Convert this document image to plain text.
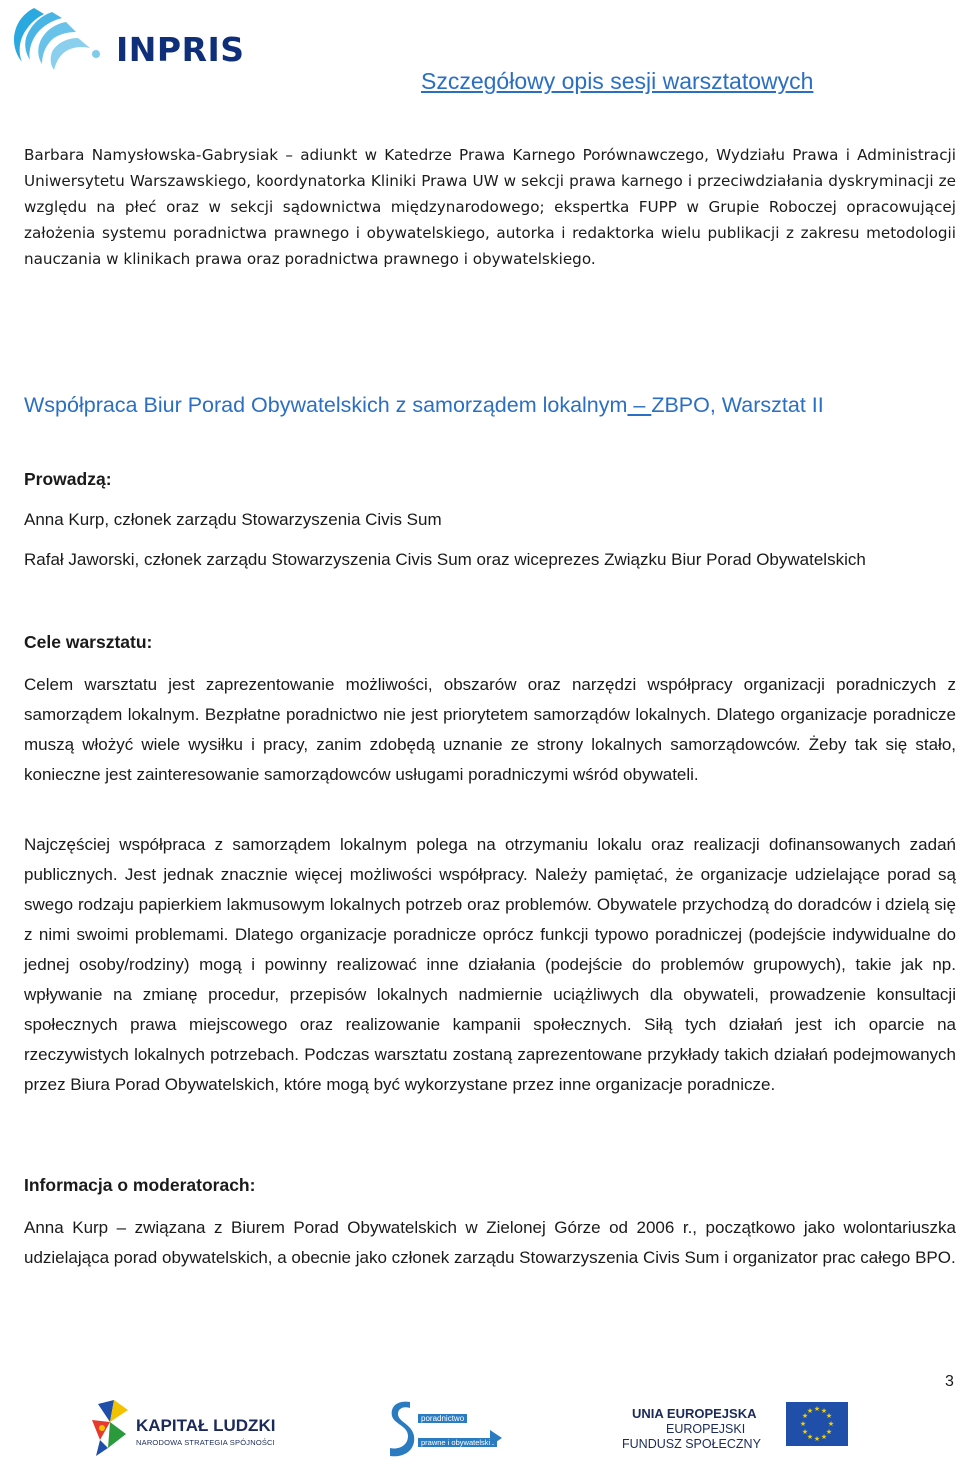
INPRIS
Szczegółowy opis sesji warsztatowych

Barbara Namysłowska-Gabrysiak – adiunkt w Katedrze Prawa Karnego Porównawczego, Wydziału Prawa i Administracji Uniwersytetu Warszawskiego, koordynatorka Kliniki Prawa UW w sekcji prawa karnego i przeciwdziałania dyskryminacji ze względu na płeć oraz w sekcji sądownictwa międzynarodowego; ekspertka FUPP w Grupie Roboczej opracowującej założenia systemu poradnictwa prawnego i obywatelskiego, autorka i redaktorka wielu publikacji z zakresu metodologii nauczania w klinikach prawa oraz poradnictwa prawnego i obywatelskiego.

Współpraca Biur Porad Obywatelskich z samorządem lokalnym – ZBPO, Warsztat II
Prowadzą:
Anna Kurp, członek zarządu Stowarzyszenia Civis Sum
Rafał Jaworski, członek zarządu Stowarzyszenia Civis Sum oraz wiceprezes Związku Biur Porad Obywatelskich
Cele warsztatu:

Celem warsztatu jest zaprezentowanie możliwości, obszarów oraz narzędzi współpracy organizacji poradniczych z samorządem lokalnym. Bezpłatne poradnictwo nie jest priorytetem samorządów lokalnych. Dlatego organizacje poradnicze muszą włożyć wiele wysiłku i pracy, zanim zdobędą uznanie ze strony lokalnych samorządowców. Żeby tak się stało, konieczne jest zainteresowanie samorządowców usługami poradniczymi wśród obywateli.

Najczęściej współpraca z samorządem lokalnym polega na otrzymaniu lokalu oraz realizacji dofinansowanych zadań publicznych. Jest jednak znacznie więcej możliwości współpracy. Należy pamiętać, że organizacje udzielające porad są swego rodzaju papierkiem lakmusowym lokalnych potrzeb oraz problemów. Obywatele przychodzą do doradców i dzielą się z nimi swoimi problemami. Dlatego organizacje poradnicze oprócz funkcji typowo poradniczej (podejście indywidualne do jednej osoby/rodziny) mogą i powinny realizować inne działania (podejście do problemów grupowych), takie jak np. wpływanie na zmianę procedur, przepisów lokalnych nadmiernie uciążliwych dla obywateli, prowadzenie konsultacji społecznych prawa miejscowego oraz realizowanie kampanii społecznych. Siłą tych działań jest ich oparcie na rzeczywistych lokalnych potrzebach. Podczas warsztatu zostaną zaprezentowane przykłady takich działań podejmowanych przez Biura Porad Obywatelskich, które mogą być wykorzystane przez inne organizacje poradnicze.

Informacja o moderatorach:

Anna Kurp – związana z Biurem Porad Obywatelskich w Zielonej Górze od 2006 r., początkowo jako wolontariuszka udzielająca porad obywatelskich, a obecnie jako członek zarządu Stowarzyszenia Civis Sum i organizator prac całego BPO.

3
KAPITAŁ LUDZKI
NARODOWA STRATEGIA SPÓJNOŚCI
poradnictwo
prawne i obywatelskie
UNIA EUROPEJSKA
EUROPEJSKI
FUNDUSZ SPOŁECZNY
★ ★
★
★
★
★
★
★
★
★
★
★
